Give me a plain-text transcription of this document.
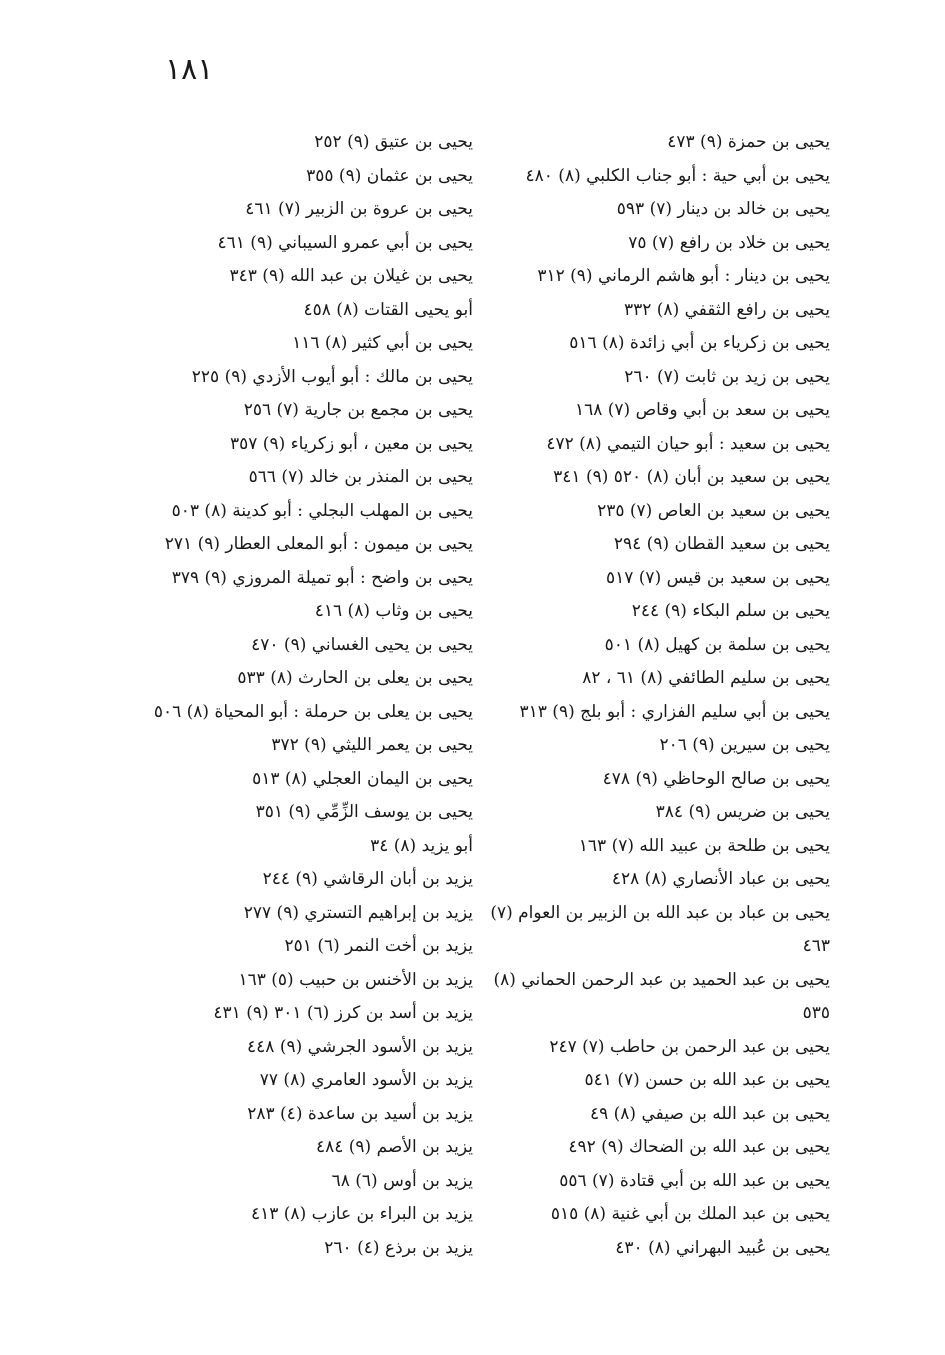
١٨١
يحيى بن حمزة (٩) ٤٧٣
يحيى بن أبي حية : أبو جناب الكلبي (٨) ٤٨٠
يحيى بن خالد بن دينار (٧) ٥٩٣
يحيى بن خلاد بن رافع (٧) ٧٥
يحيى بن دينار : أبو هاشم الرماني (٩) ٣١٢
يحيى بن رافع الثقفي (٨) ٣٣٢
يحيى بن زكرياء بن أبي زائدة (٨) ٥١٦
يحيى بن زيد بن ثابت (٧) ٢٦٠
يحيى بن سعد بن أبي وقاص (٧) ١٦٨
يحيى بن سعيد : أبو حيان التيمي (٨) ٤٧٢
يحيى بن سعيد بن أبان (٨) ٥٢٠ (٩) ٣٤١
يحيى بن سعيد بن العاص (٧) ٢٣٥
يحيى بن سعيد القطان (٩) ٢٩٤
يحيى بن سعيد بن قيس (٧) ٥١٧
يحيى بن سلم البكاء (٩) ٢٤٤
يحيى بن سلمة بن كهيل (٨) ٥٠١
يحيى بن سليم الطائفي (٨) ٦١ ، ٨٢
يحيى بن أبي سليم الفزاري : أبو بلج (٩) ٣١٣
يحيى بن سيرين (٩) ٢٠٦
يحيى بن صالح الوحاظي (٩) ٤٧٨
يحيى بن ضريس (٩) ٣٨٤
يحيى بن طلحة بن عبيد الله (٧) ١٦٣
يحيى بن عباد الأنصاري (٨) ٤٢٨
يحيى بن عباد بن عبد الله بن الزبير بن العوام (٧) ٤٦٣
يحيى بن عبد الحميد بن عبد الرحمن الحماني (٨) ٥٣٥
يحيى بن عبد الرحمن بن حاطب (٧) ٢٤٧
يحيى بن عبد الله بن حسن (٧) ٥٤١
يحيى بن عبد الله بن صيفي (٨) ٤٩
يحيى بن عبد الله بن الضحاك (٩) ٤٩٢
يحيى بن عبد الله بن أبي قتادة (٧) ٥٥٦
يحيى بن عبد الملك بن أبي غنية (٨) ٥١٥
يحيى بن عُبيد البهراني (٨) ٤٣٠
يحيى بن عتيق (٩) ٢٥٢
يحيى بن عثمان (٩) ٣٥٥
يحيى بن عروة بن الزبير (٧) ٤٦١
يحيى بن أبي عمرو السيباني (٩) ٤٦١
يحيى بن غيلان بن عبد الله (٩) ٣٤٣
أبو يحيى القتات (٨) ٤٥٨
يحيى بن أبي كثير (٨) ١١٦
يحيى بن مالك : أبو أيوب الأزدي (٩) ٢٢٥
يحيى بن مجمع بن جارية (٧) ٢٥٦
يحيى بن معين ، أبو زكرياء (٩) ٣٥٧
يحيى بن المنذر بن خالد (٧) ٥٦٦
يحيى بن المهلب البجلي : أبو كدينة (٨) ٥٠٣
يحيى بن ميمون : أبو المعلى العطار (٩) ٢٧١
يحيى بن واضح : أبو تميلة المروزي (٩) ٣٧٩
يحيى بن وثاب (٨) ٤١٦
يحيى بن يحيى الغساني (٩) ٤٧٠
يحيى بن يعلى بن الحارث (٨) ٥٣٣
يحيى بن يعلى بن حرملة : أبو المحياة (٨) ٥٠٦
يحيى بن يعمر الليثي (٩) ٣٧٢
يحيى بن اليمان العجلي (٨) ٥١٣
يحيى بن يوسف الزِّمِّي (٩) ٣٥١
أبو يزيد (٨) ٣٤
يزيد بن أبان الرقاشي (٩) ٢٤٤
يزيد بن إبراهيم التستري (٩) ٢٧٧
يزيد بن أخت النمر (٦) ٢٥١
يزيد بن الأخنس بن حبيب (٥) ١٦٣
يزيد بن أسد بن كرز (٦) ٣٠١ (٩) ٤٣١
يزيد بن الأسود الجرشي (٩) ٤٤٨
يزيد بن الأسود العامري (٨) ٧٧
يزيد بن أسيد بن ساعدة (٤) ٢٨٣
يزيد بن الأصم (٩) ٤٨٤
يزيد بن أوس (٦) ٦٨
يزيد بن البراء بن عازب (٨) ٤١٣
يزيد بن برذع (٤) ٢٦٠
